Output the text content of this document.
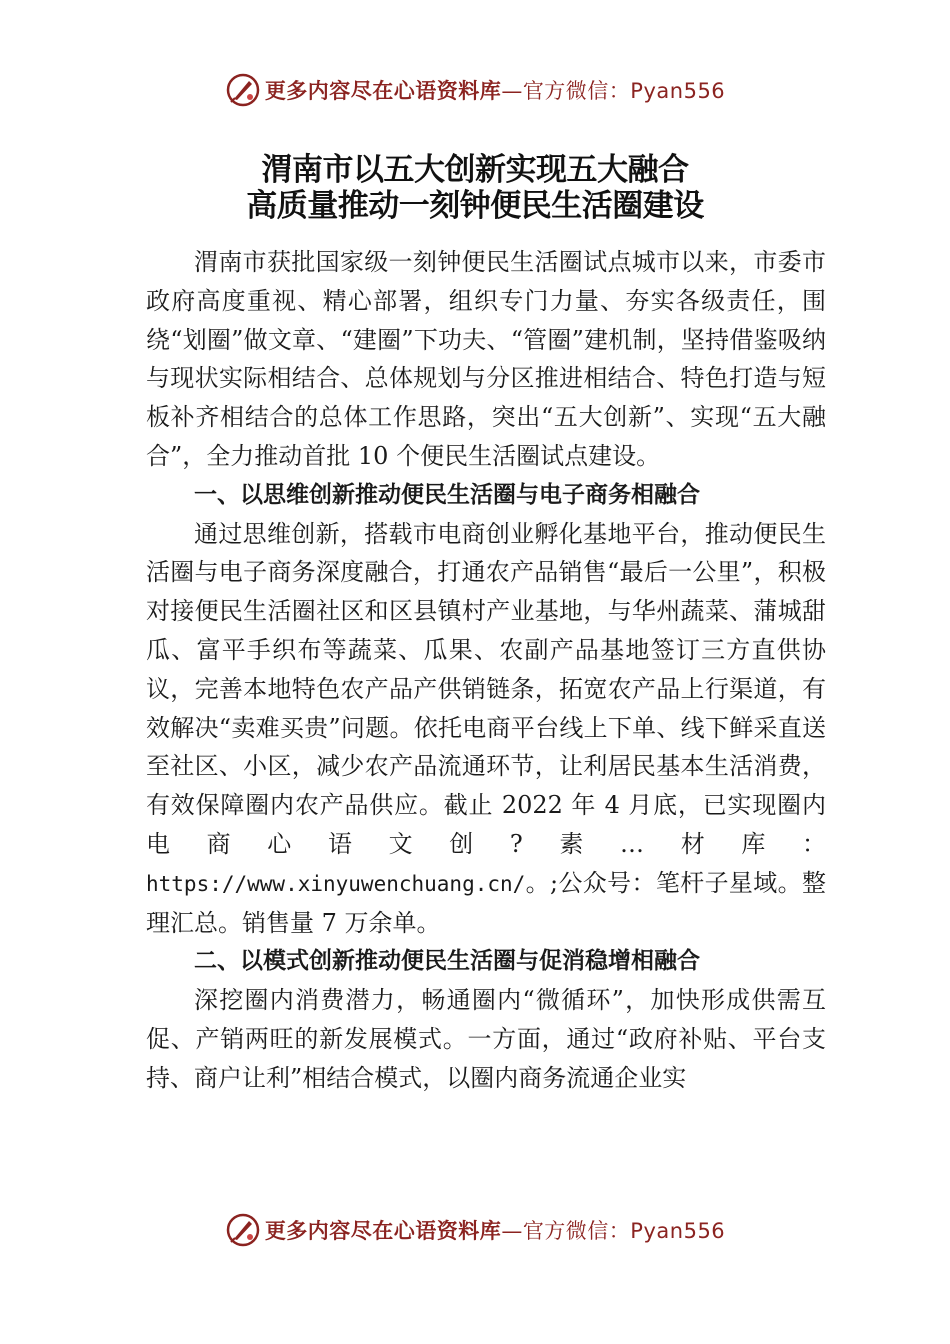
更多内容尽在心语资料库—官方微信：Pyan556
渭南市以五大创新实现五大融合
高质量推动一刻钟便民生活圈建设

渭南市获批国家级一刻钟便民生活圈试点城市以来，市委市政府高度重视、精心部署，组织专门力量、夯实各级责任，围绕“划圈”做文章、“建圈”下功夫、“管圈”建机制，坚持借鉴吸纳与现状实际相结合、总体规划与分区推进相结合、特色打造与短板补齐相结合的总体工作思路，突出“五大创新”、实现“五大融合”，全力推动首批 10 个便民生活圈试点建设。

一、以思维创新推动便民生活圈与电子商务相融合

通过思维创新，搭载市电商创业孵化基地平台，推动便民生活圈与电子商务深度融合，打通农产品销售“最后一公里”，积极对接便民生活圈社区和区县镇村产业基地，与华州蔬菜、蒲城甜瓜、富平手织布等蔬菜、瓜果、农副产品基地签订三方直供协议，完善本地特色农产品产供销链条，拓宽农产品上行渠道，有效解决“卖难买贵”问题。依托电商平台线上下单、线下鲜采直送至社区、小区，减少农产品流通环节，让利居民基本生活消费，有效保障圈内农产品供应。截止 2022 年 4 月底，已实现圈内电商心语文创?素…材库：https://www.xinyuwenchuang.cn/。;公众号：笔杆子星域。整理汇总。销售量 7 万余单。

二、以模式创新推动便民生活圈与促消稳增相融合

深挖圈内消费潜力，畅通圈内“微循环”，加快形成供需互促、产销两旺的新发展模式。一方面，通过“政府补贴、平台支持、商户让利”相结合模式，以圈内商务流通企业实

更多内容尽在心语资料库—官方微信：Pyan556
